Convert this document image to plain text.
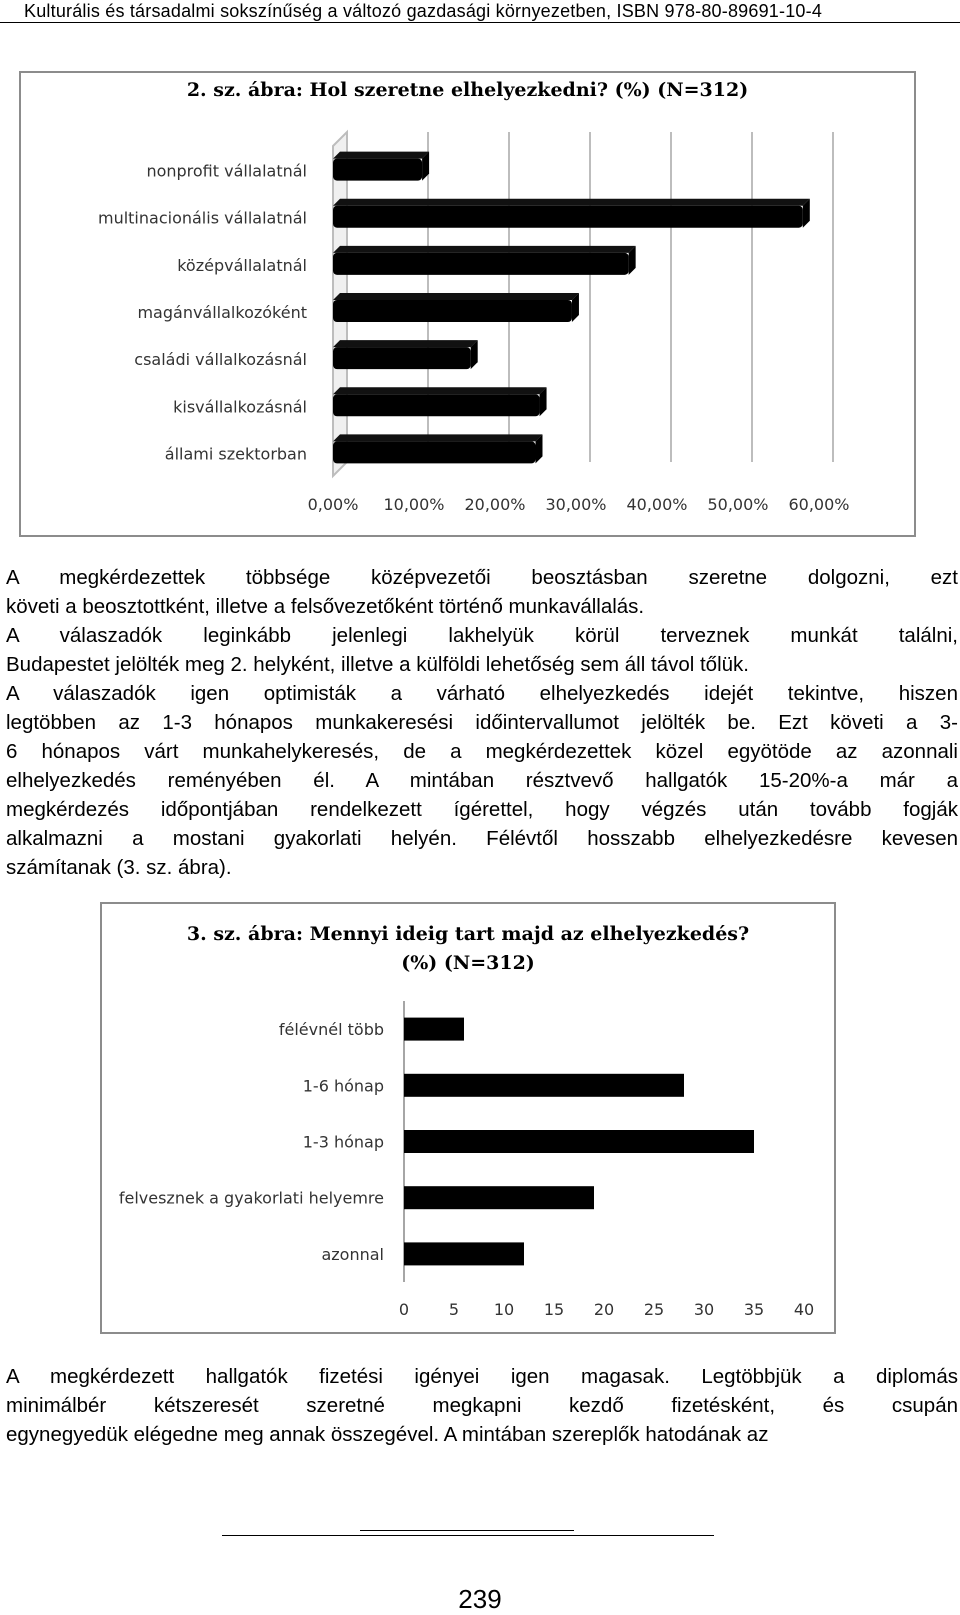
Kulturális és társadalmi sokszínűség a változó gazdasági környezetben, ISBN 978-80-89691-10-4
2. sz. ábra: Hol szeretne elhelyezkedni? (%) (N=312)
nonprofit vállalatnál
multinacionális vállalatnál
középvállalatnál
magánvállalkozóként
családi vállalkozásnál
kisvállalkozásnál
állami szektorban
0,00% 10,00% 20,00% 30,00% 40,00% 50,00% 60,00%
A megkérdezettek többsége középvezetői beosztásban szeretne dolgozni, ezt
követi a beosztottként, illetve a felsővezetőként történő munkavállalás.
A válaszadók leginkább jelenlegi lakhelyük körül terveznek munkát találni,
Budapestet jelölték meg 2. helyként, illetve a külföldi lehetőség sem áll távol tőlük.
A válaszadók igen optimisták a várható elhelyezkedés idejét tekintve, hiszen
legtöbben az 1-3 hónapos munkakeresési időintervallumot jelölték be. Ezt követi a 3-
6 hónapos várt munkahelykeresés, de a megkérdezettek közel egyötöde az azonnali
elhelyezkedés reményében él. A mintában résztvevő hallgatók 15-20%-a már a
megkérdezés időpontjában rendelkezett ígérettel, hogy végzés után tovább fogják
alkalmazni a mostani gyakorlati helyén. Félévtől hosszabb elhelyezkedésre kevesen
számítanak (3. sz. ábra).
3. sz. ábra: Mennyi ideig tart majd az elhelyezkedés?
(%) (N=312)
félévnél több
1-6 hónap
1-3 hónap
felvesznek a gyakorlati helyemre
azonnal
0 5 10 15 20 25 30 35 40
A megkérdezett hallgatók fizetési igényei igen magasak. Legtöbbjük a diplomás
minimálbér kétszeresét szeretné megkapni kezdő fizetésként, és csupán
egynegyedük elégedne meg annak összegével. A mintában szereplők hatodának az
239
